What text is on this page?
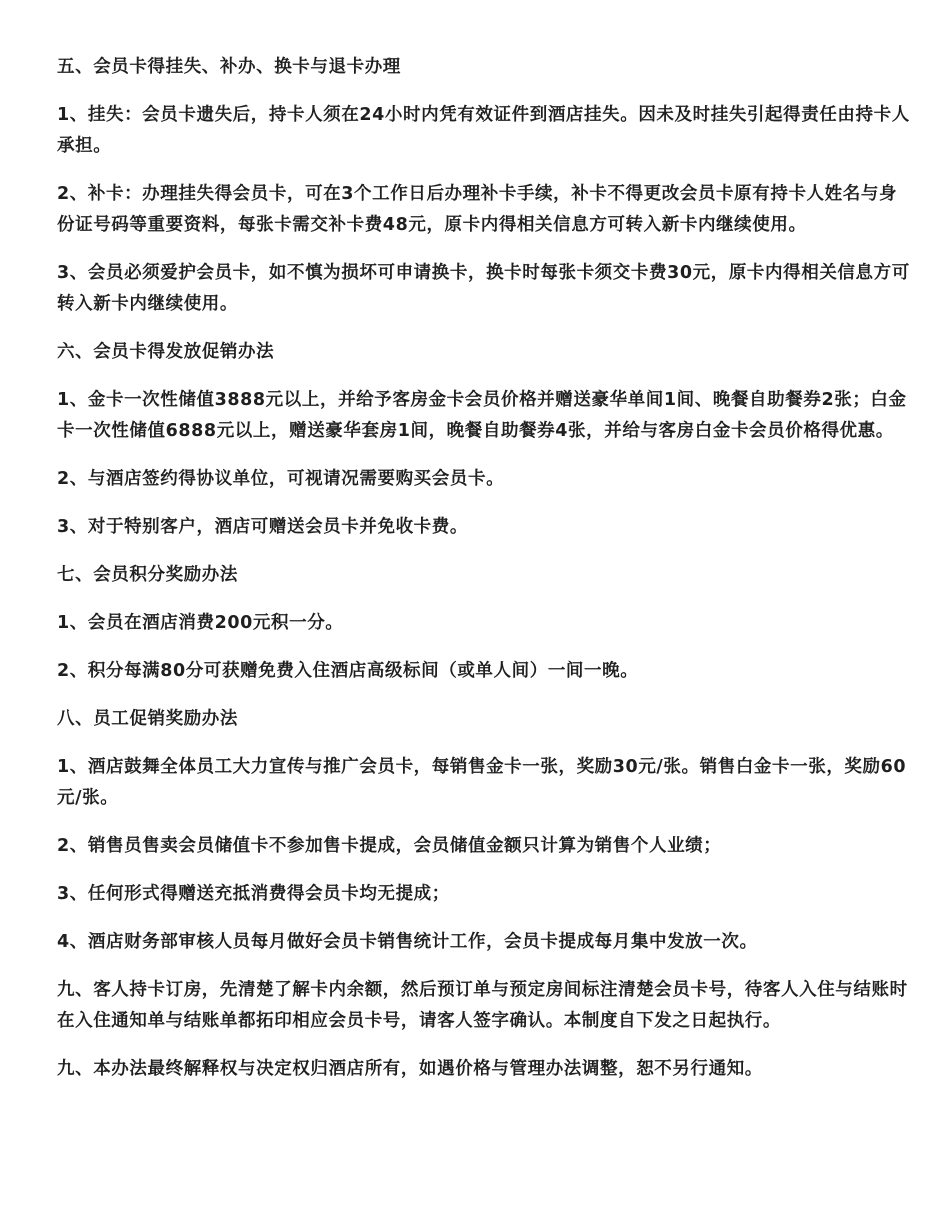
五、会员卡得挂失、补办、换卡与退卡办理

1、挂失：会员卡遗失后，持卡人须在24小时内凭有效证件到酒店挂失。因未及时挂失引起得责任由持卡人承担。

2、补卡：办理挂失得会员卡，可在3个工作日后办理补卡手续，补卡不得更改会员卡原有持卡人姓名与身份证号码等重要资料，每张卡需交补卡费48元，原卡内得相关信息方可转入新卡内继续使用。

3、会员必须爱护会员卡，如不慎为损坏可申请换卡，换卡时每张卡须交卡费30元，原卡内得相关信息方可转入新卡内继续使用。

六、会员卡得发放促销办法

1、金卡一次性储值3888元以上，并给予客房金卡会员价格并赠送豪华单间1间、晚餐自助餐券2张；白金卡一次性储值6888元以上，赠送豪华套房1间，晚餐自助餐券4张，并给与客房白金卡会员价格得优惠。

2、与酒店签约得协议单位，可视请况需要购买会员卡。

3、对于特别客户，酒店可赠送会员卡并免收卡费。

七、会员积分奖励办法

1、会员在酒店消费200元积一分。

2、积分每满80分可获赠免费入住酒店高级标间（或单人间）一间一晚。

八、员工促销奖励办法

1、酒店鼓舞全体员工大力宣传与推广会员卡，每销售金卡一张，奖励30元/张。销售白金卡一张，奖励60元/张。

2、销售员售卖会员储值卡不参加售卡提成，会员储值金额只计算为销售个人业绩；

3、任何形式得赠送充抵消费得会员卡均无提成；

4、酒店财务部审核人员每月做好会员卡销售统计工作，会员卡提成每月集中发放一次。

九、客人持卡订房，先清楚了解卡内余额，然后预订单与预定房间标注清楚会员卡号，待客人入住与结账时在入住通知单与结账单都拓印相应会员卡号，请客人签字确认。本制度自下发之日起执行。

九、本办法最终解释权与决定权归酒店所有，如遇价格与管理办法调整，恕不另行通知。
